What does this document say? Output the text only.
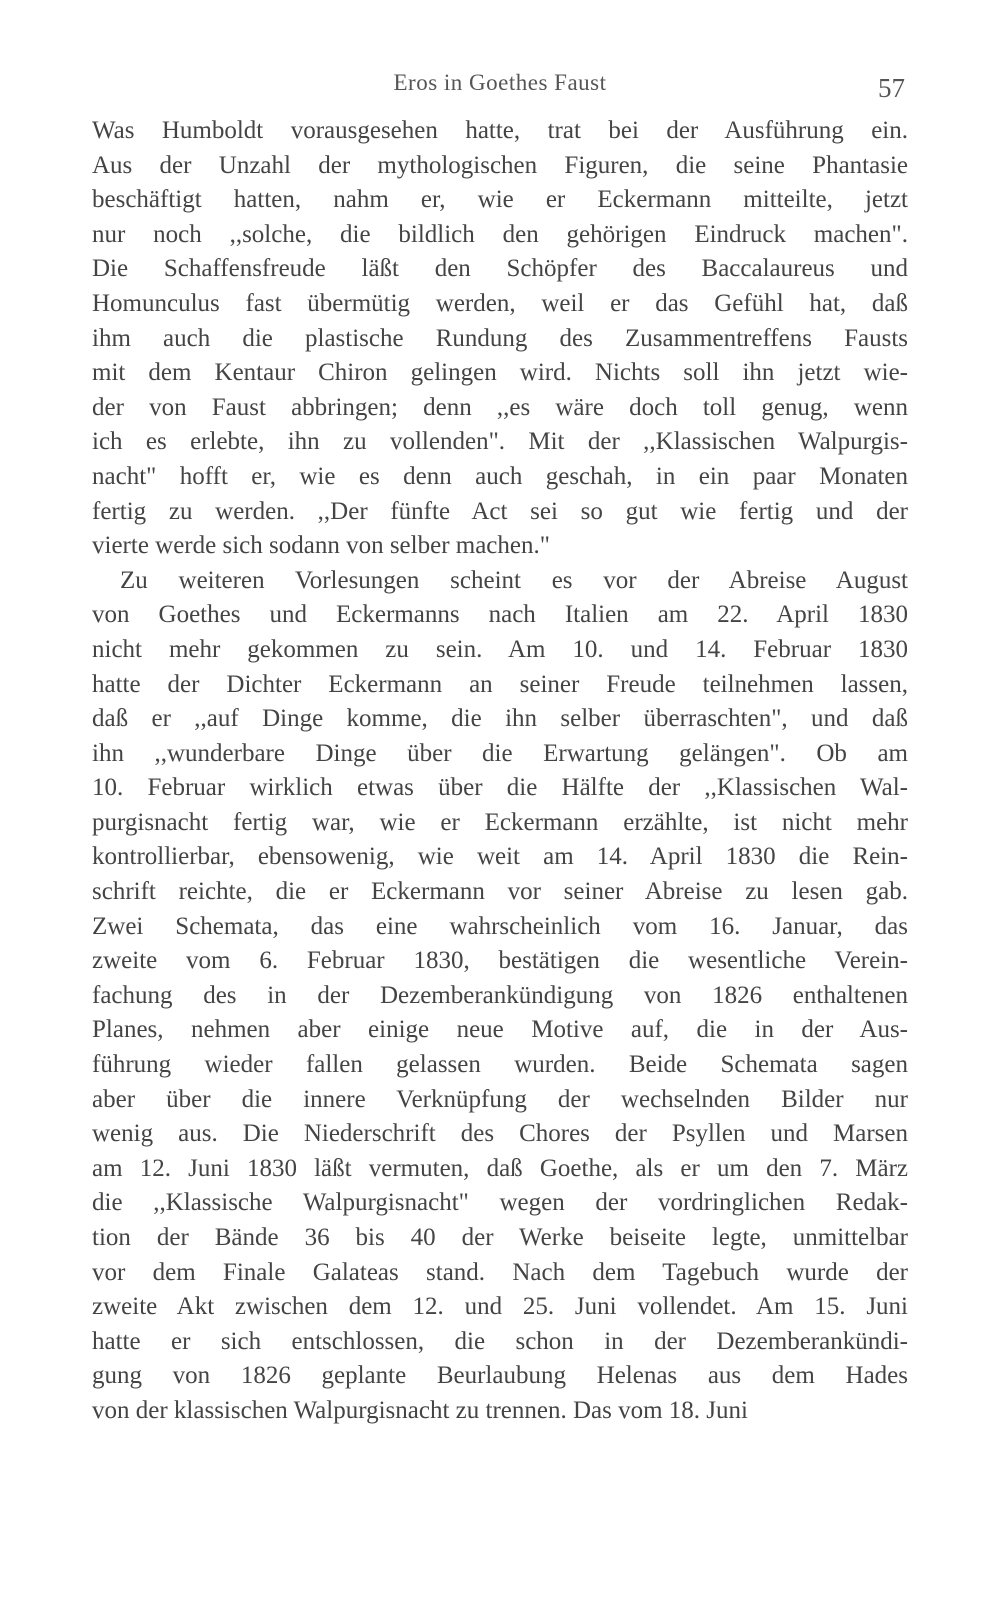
Eros in Goethes Faust	57
Was Humboldt vorausgesehen hatte, trat bei der Ausführung ein.
Aus der Unzahl der mythologischen Figuren, die seine Phantasie
beschäftigt hatten, nahm er, wie er Eckermann mitteilte, jetzt
nur noch ,,solche, die bildlich den gehörigen Eindruck machen".
Die Schaffensfreude läßt den Schöpfer des Baccalaureus und
Homunculus fast übermütig werden, weil er das Gefühl hat, daß
ihm auch die plastische Rundung des Zusammentreffens Fausts
mit dem Kentaur Chiron gelingen wird. Nichts soll ihn jetzt wie-
der von Faust abbringen; denn ,,es wäre doch toll genug, wenn
ich es erlebte, ihn zu vollenden". Mit der ,,Klassischen Walpurgis-
nacht" hofft er, wie es denn auch geschah, in ein paar Monaten
fertig zu werden. ,,Der fünfte Act sei so gut wie fertig und der
vierte werde sich sodann von selber machen."
Zu weiteren Vorlesungen scheint es vor der Abreise August
von Goethes und Eckermanns nach Italien am 22. April 1830
nicht mehr gekommen zu sein. Am 10. und 14. Februar 1830
hatte der Dichter Eckermann an seiner Freude teilnehmen lassen,
daß er ,,auf Dinge komme, die ihn selber überraschten", und daß
ihn ,,wunderbare Dinge über die Erwartung gelängen". Ob am
10. Februar wirklich etwas über die Hälfte der ,,Klassischen Wal-
purgisnacht fertig war, wie er Eckermann erzählte, ist nicht mehr
kontrollierbar, ebensowenig, wie weit am 14. April 1830 die Rein-
schrift reichte, die er Eckermann vor seiner Abreise zu lesen gab.
Zwei Schemata, das eine wahrscheinlich vom 16. Januar, das
zweite vom 6. Februar 1830, bestätigen die wesentliche Verein-
fachung des in der Dezemberankündigung von 1826 enthaltenen
Planes, nehmen aber einige neue Motive auf, die in der Aus-
führung wieder fallen gelassen wurden. Beide Schemata sagen
aber über die innere Verknüpfung der wechselnden Bilder nur
wenig aus. Die Niederschrift des Chores der Psyllen und Marsen
am 12. Juni 1830 läßt vermuten, daß Goethe, als er um den 7. März
die ,,Klassische Walpurgisnacht" wegen der vordringlichen Redak-
tion der Bände 36 bis 40 der Werke beiseite legte, unmittelbar
vor dem Finale Galateas stand. Nach dem Tagebuch wurde der
zweite Akt zwischen dem 12. und 25. Juni vollendet. Am 15. Juni
hatte er sich entschlossen, die schon in der Dezemberankündi-
gung von 1826 geplante Beurlaubung Helenas aus dem Hades
von der klassischen Walpurgisnacht zu trennen. Das vom 18. Juni
